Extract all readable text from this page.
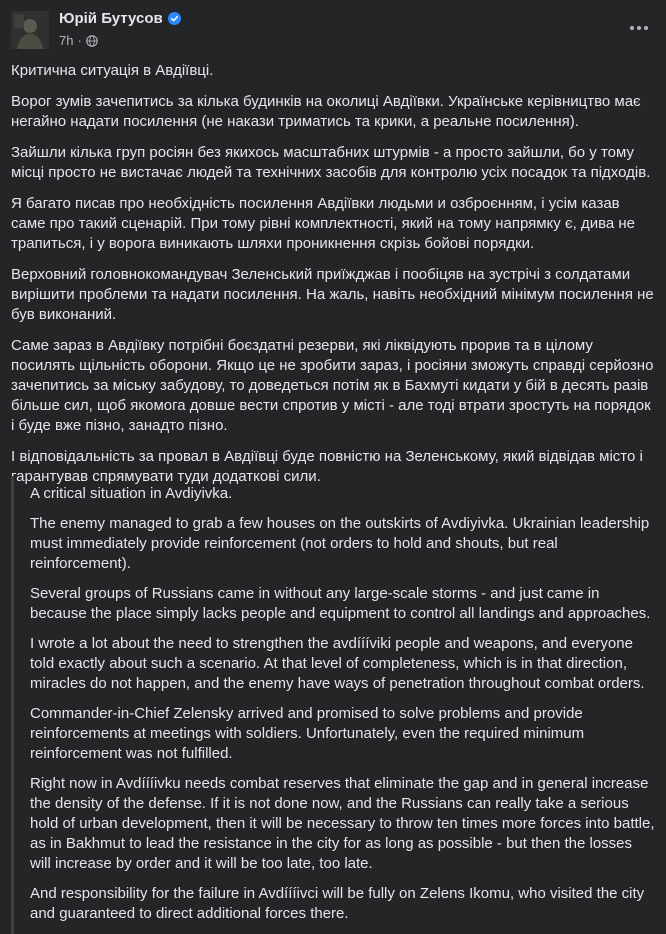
Юрій Бутусов
7h ·

Критична ситуація в Авдіївці.

Ворог зумів зачепитись за кілька будинків на околиці Авдіївки. Українське керівництво має негайно надати посилення (не накази триматись та крики, а реальне посилення).

Зайшли кілька груп росіян без якихось масштабних штурмів - а просто зайшли, бо у тому місці просто не вистачає людей та технічних засобів для контролю усіх посадок та підходів.

Я багато писав про необхідність посилення Авдіївки людьми и озброєнням, і усім казав саме про такий сценарій. При тому рівні комплектності, який на тому напрямку є, дива не трапиться, і у ворога виникають шляхи проникнення скрізь бойові порядки.

Верховний головнокомандувач Зеленський приїжджав і пообіцяв на зустрічі з солдатами вирішити проблеми та надати посилення. На жаль, навіть необхідний мінімум посилення не був виконаний.

Саме зараз в Авдіївку потрібні боєздатні резерви, які ліквідують прорив та в цілому посилять щільність оборони. Якщо це не зробити зараз, і росіяни зможуть справді серйозно зачепитись за міську забудову, то доведеться потім як в Бахмуті кидати у бій в десять разів більше сил, щоб якомога довше вести спротив у місті - але тоді втрати зростуть на порядок і буде вже пізно, занадто пізно.

І відповідальність за провал в Авдіївці буде повністю на Зеленському, який відвідав місто і гарантував спрямувати туди додаткові сили.

A critical situation in Avdiyivka.

The enemy managed to grab a few houses on the outskirts of Avdiyivka. Ukrainian leadership must immediately provide reinforcement (not orders to hold and shouts, but real reinforcement).

Several groups of Russians came in without any large-scale storms - and just came in because the place simply lacks people and equipment to control all landings and approaches.

I wrote a lot about the need to strengthen the avdíííviki people and weapons, and everyone told exactly about such a scenario. At that level of completeness, which is in that direction, miracles do not happen, and the enemy have ways of penetration throughout combat orders.

Commander-in-Chief Zelensky arrived and promised to solve problems and provide reinforcements at meetings with soldiers. Unfortunately, even the required minimum reinforcement was not fulfilled.

Right now in Avdíííivku needs combat reserves that eliminate the gap and in general increase the density of the defense. If it is not done now, and the Russians can really take a serious hold of urban development, then it will be necessary to throw ten times more forces into battle, as in Bakhmut to lead the resistance in the city for as long as possible - but then the losses will increase by order and it will be too late, too late.

And responsibility for the failure in Avdíííivci will be fully on Zelens Ikomu, who visited the city and guaranteed to direct additional forces there.
